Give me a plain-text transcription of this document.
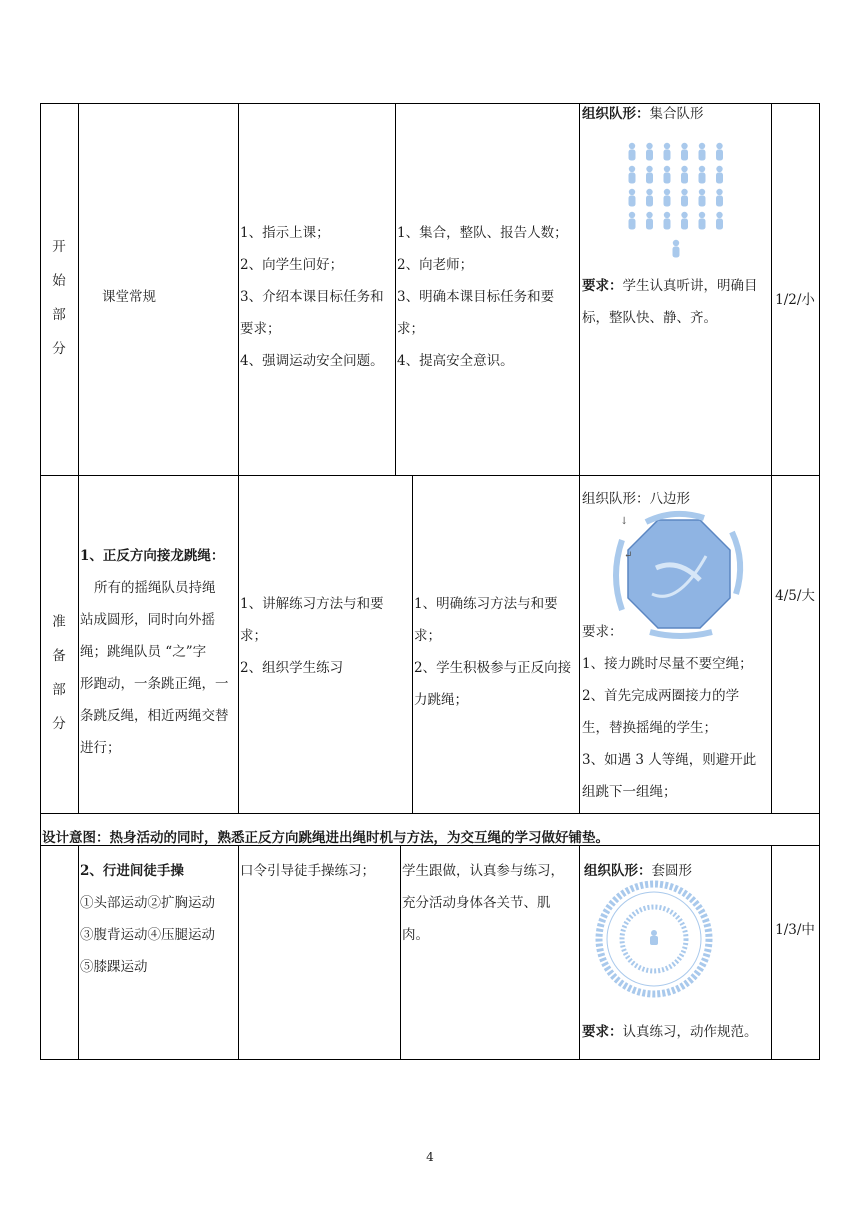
开
始
部
分
课堂常规
1、指示上课；
2、向学生问好；
3、介绍本课目标任务和
要求；
4、强调运动安全问题。
1、集合，整队、报告人数；
2、向老师；
3、明确本课目标任务和要
求；
4、提高安全意识。
组织队形：集合队形
要求：学生认真听讲，明确目
标，整队快、静、齐。
1/2/小
准
备
部
分
1、正反方向接龙跳绳：
所有的摇绳队员持绳
站成圆形，同时向外摇
绳；跳绳队员 “之”字
形跑动，一条跳正绳，一
条跳反绳，相近两绳交替
进行；
1、讲解练习方法与和要
求；
2、组织学生练习
1、明确练习方法与和要
求；
2、学生积极参与正反向接
力跳绳；
组织队形：八边形
↓
↵
要求：
1、接力跳时尽量不要空绳；
2、首先完成两圈接力的学
生，替换摇绳的学生；
3、如遇 3 人等绳，则避开此
组跳下一组绳；
4/5/大
设计意图：热身活动的同时，熟悉正反方向跳绳进出绳时机与方法，为交互绳的学习做好铺垫。
2、行进间徒手操
①头部运动②扩胸运动
③腹背运动④压腿运动
⑤膝踝运动
口令引导徒手操练习； 学生跟做，认真参与练习，
充分活动身体各关节、肌
肉。
组织队形：套圆形
要求：认真练习，动作规范。
1/3/中
4
